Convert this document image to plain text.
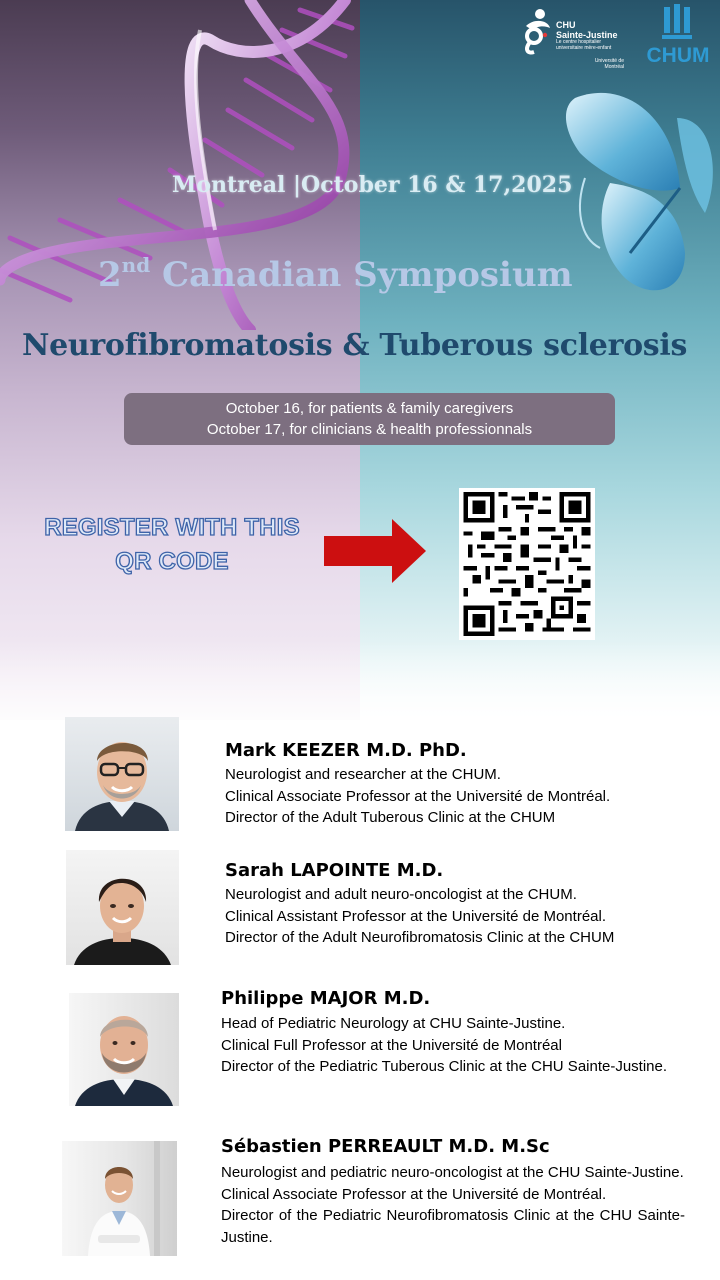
CHU
Sainte-Justine
Le centre hospitalier universitaire mère-enfant
Université de Montréal	CHUM
Montreal |October 16 & 17,2025
2nd Canadian Symposium
Neurofibromatosis & Tuberous sclerosis
October 16, for patients & family caregivers
October 17, for clinicians & health professionnals
REGISTER WITH THIS
QR CODE
Mark KEEZER M.D. PhD.
Neurologist and researcher at the CHUM.
Clinical Associate Professor at the Université de Montréal.
Director of the Adult Tuberous Clinic at the CHUM
Sarah LAPOINTE M.D.
Neurologist and adult neuro-oncologist at the CHUM.
Clinical Assistant Professor at the Université de Montréal.
Director of the Adult Neurofibromatosis Clinic at the CHUM
Philippe MAJOR M.D.
Head of Pediatric Neurology at CHU Sainte-Justine.
Clinical Full Professor at the Université de Montréal
Director of the Pediatric Tuberous Clinic at the CHU Sainte-Justine.
Sébastien PERREAULT M.D. M.Sc
Neurologist and pediatric neuro-oncologist at the CHU Sainte-Justine.
Clinical Associate Professor at the Université de Montréal.
Director of the Pediatric Neurofibromatosis Clinic at the CHU Sainte-Justine.
